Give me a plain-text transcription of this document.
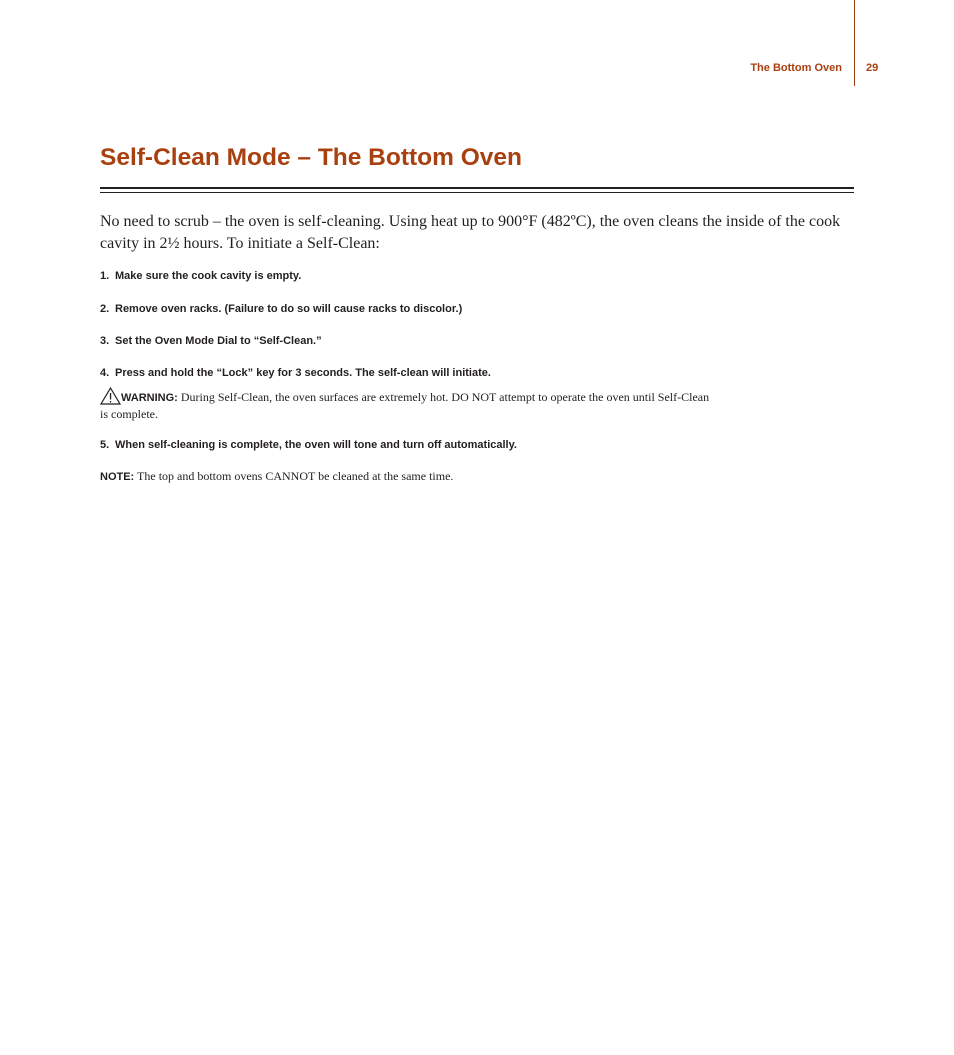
The Bottom Oven 29
Self-Clean Mode – The Bottom Oven

No need to scrub – the oven is self-cleaning. Using heat up to 900°F (482ºC), the oven cleans the inside of the cook cavity in 2½ hours. To initiate a Self-Clean:

1. Make sure the cook cavity is empty.

2. Remove oven racks. (Failure to do so will cause racks to discolor.)

3. Set the Oven Mode Dial to “Self-Clean.”

4. Press and hold the “Lock” key for 3 seconds. The self-clean will initiate.

WARNING: During Self-Clean, the oven surfaces are extremely hot. DO NOT attempt to operate the oven until Self-Clean is complete.

5. When self-cleaning is complete, the oven will tone and turn off automatically.

NOTE: The top and bottom ovens CANNOT be cleaned at the same time.
